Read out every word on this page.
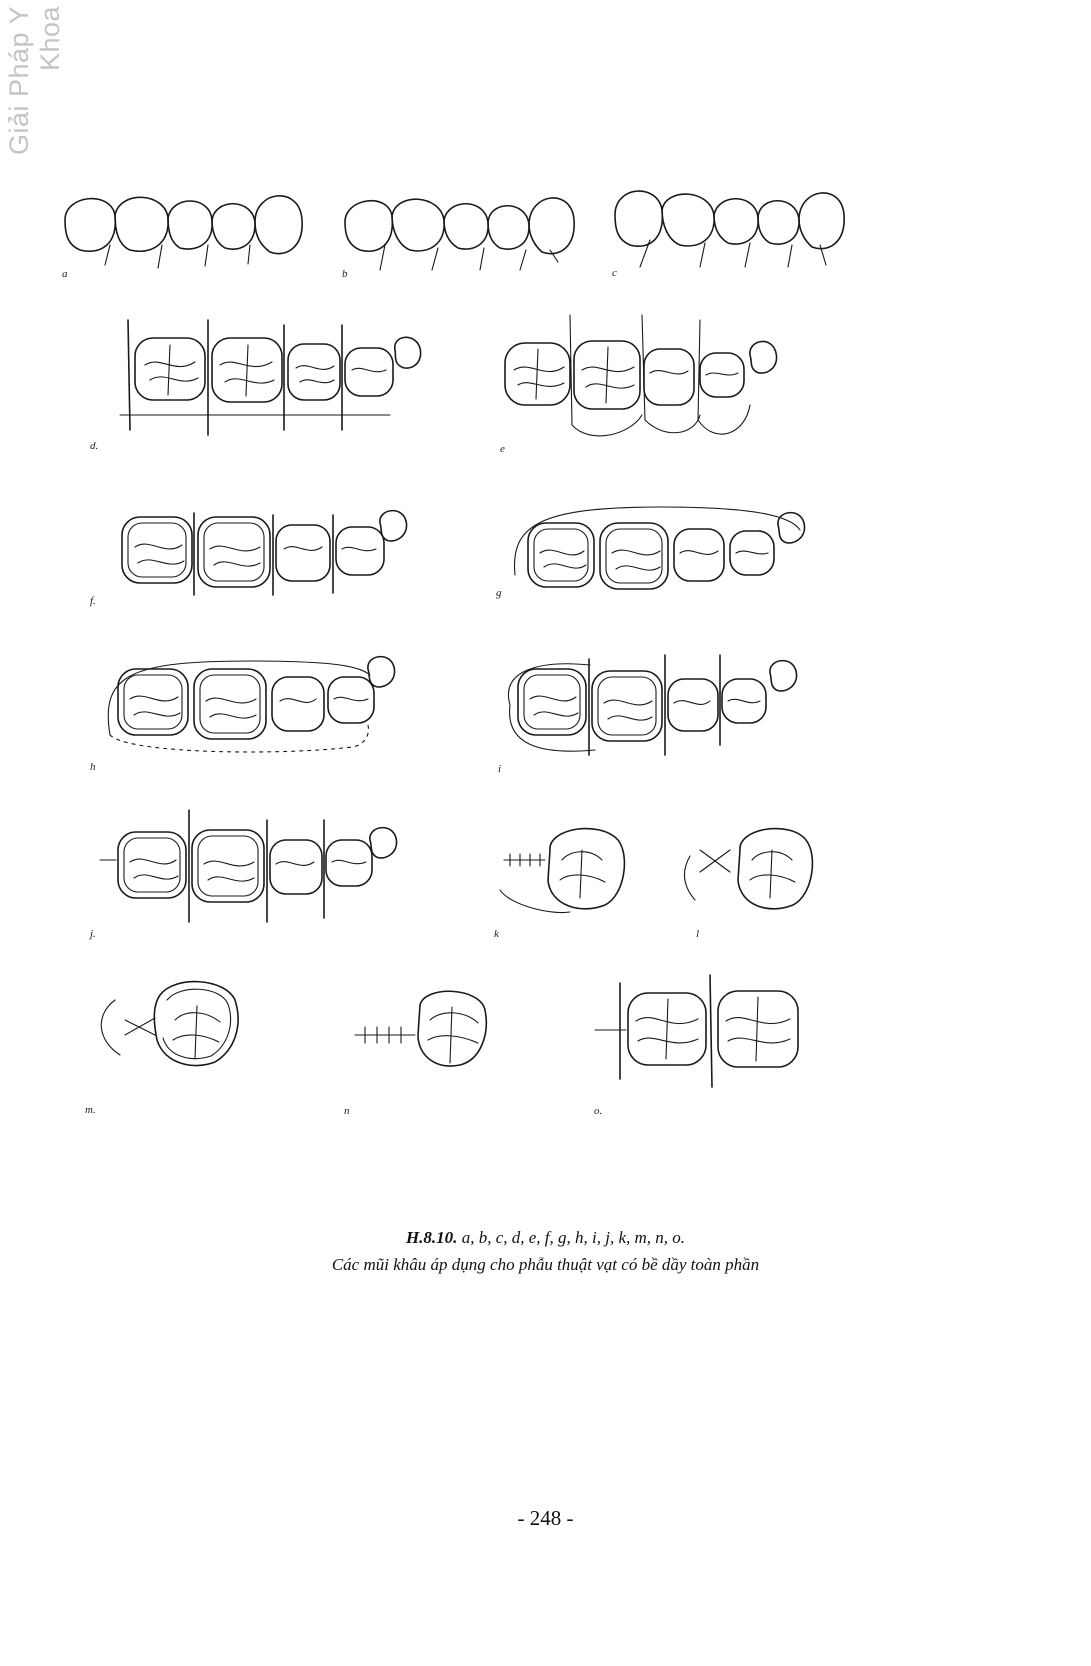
Giải Pháp Y Khoa
a	b	c
d.	e
f.
g
h	i
j.	k	l
m.	n	o.
H.8.10. a, b, c, d, e, f, g, h, i, j, k, m, n, o.
Các mũi khâu áp dụng cho phẫu thuật vạt có bề dầy toàn phần
- 248 -
